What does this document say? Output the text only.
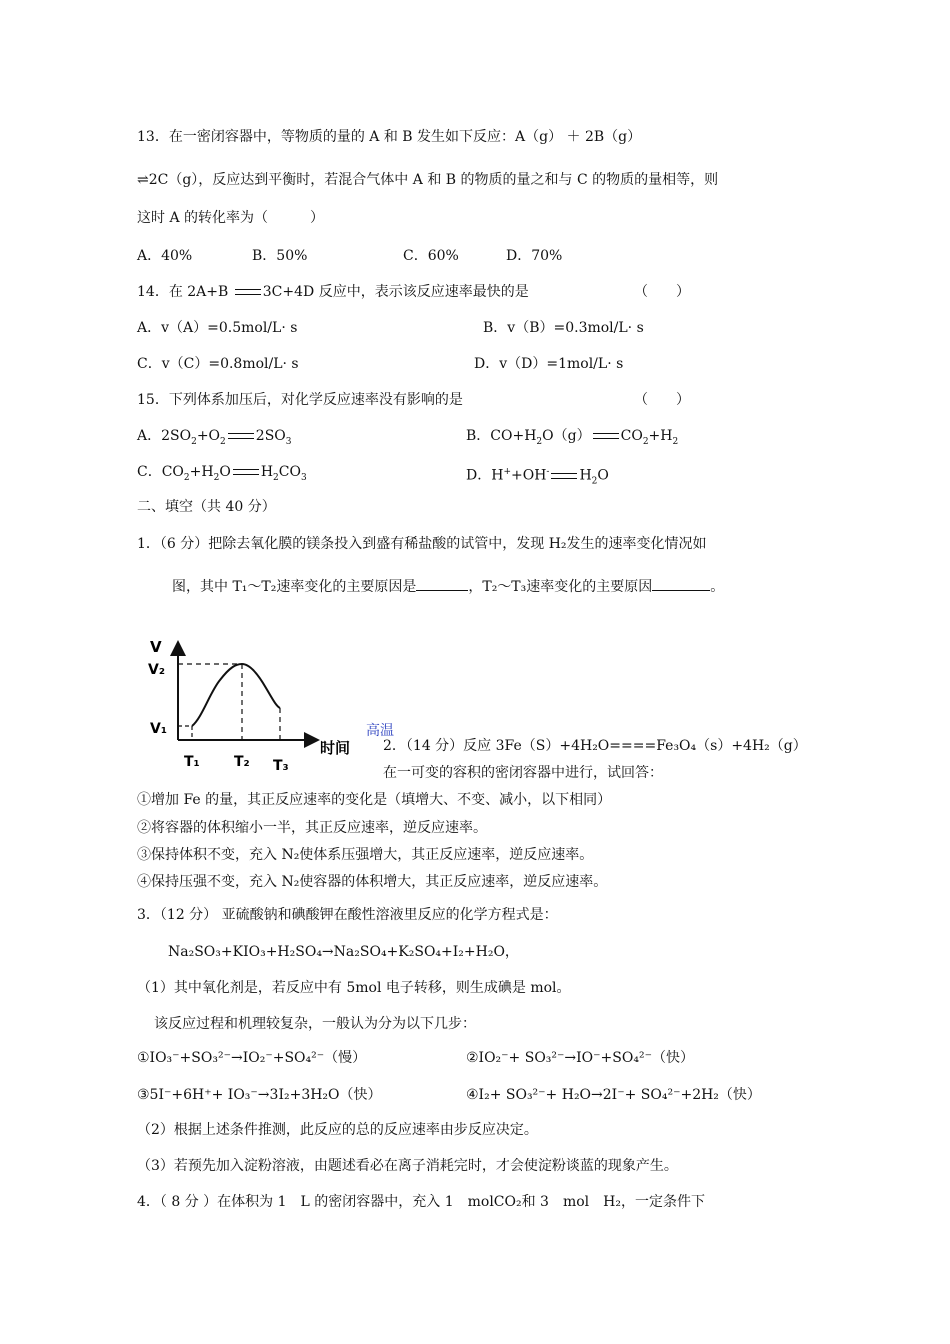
13．在一密闭容器中，等物质的量的 A 和 B 发生如下反应：A（g） ＋ 2B（g）
⇌2C（g），反应达到平衡时，若混合气体中 A 和 B 的物质的量之和与 C 的物质的量相等，则
这时 A 的转化率为（　　　）
A．40%	B．50%	C．60%	D．70%
14．在 2A+B 3C+4D 反应中，表示该反应速率最快的是	（　　）
A．v（A）=0.5mol/L· s	B．v（B）=0.3mol/L· s
C．v（C）=0.8mol/L· s	D．v（D）=1mol/L· s
15．下列体系加压后，对化学反应速率没有影响的是	（　　）
A．$2SO_2+O_2$ $2SO_3$	B．$CO+H_2O(g)$ $CO_2+H_2$
C．$CO_2+H_2O$ $H_2CO_3$	D．H++OH- $H_2O$
二、填空（共 40 分）
1．（6 分）把除去氧化膜的镁条投入到盛有稀盐酸的试管中，发现 H₂发生的速率变化情况如
图，其中 T₁～T₂速率变化的主要原因是	，T₂～T₃速率变化的主要原因	。
V
V₂
V₁
T₁ T₂ T₃
时间
高温
2．（14 分）反应 3Fe（S）+4H₂O====Fe₃O₄（s）+4H₂（g）
在一可变的容积的密闭容器中进行，试回答：
①增加 Fe 的量，其正反应速率的变化是（填增大、不变、减小，以下相同）
②将容器的体积缩小一半，其正反应速率，逆反应速率。
③保持体积不变，充入 N₂使体系压强增大，其正反应速率，逆反应速率。
④保持压强不变，充入 N₂使容器的体积增大，其正反应速率，逆反应速率。
3．（12 分） 亚硫酸钠和碘酸钾在酸性溶液里反应的化学方程式是：
Na₂SO₃+KIO₃+H₂SO₄→Na₂SO₄+K₂SO₄+I₂+H₂O，
（1）其中氧化剂是，若反应中有 5mol 电子转移，则生成碘是 mol。
该反应过程和机理较复杂，一般认为分为以下几步：
①IO₃⁻+SO₃²⁻→IO₂⁻+SO₄²⁻（慢）	②IO₂⁻+ SO₃²⁻→IO⁻+SO₄²⁻（快）
③5I⁻+6H⁺+ IO₃⁻→3I₂+3H₂O（快）	④I₂+ SO₃²⁻+ H₂O→2I⁻+ SO₄²⁻+2H₂（快）
（2）根据上述条件推测，此反应的总的反应速率由步反应决定。
（3）若预先加入淀粉溶液，由题述看必在离子消耗完时，才会使淀粉谈蓝的现象产生。
4．（ 8 分 ）在体积为 1　L 的密闭容器中，充入 1　molCO₂和 3　mol　H₂，一定条件下
